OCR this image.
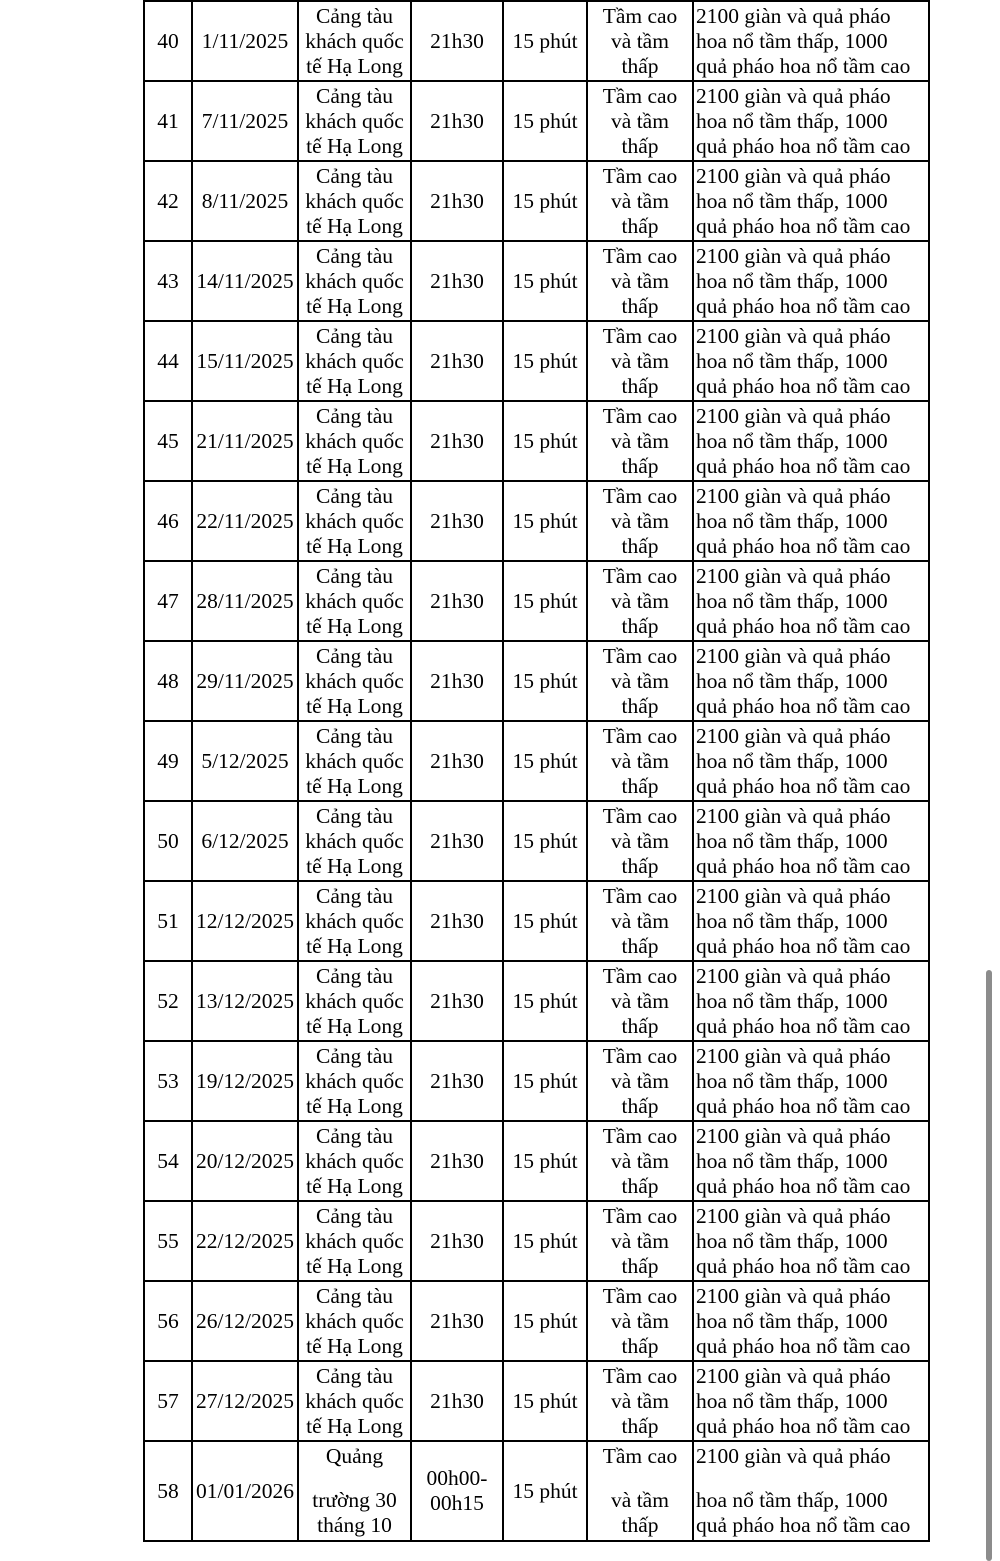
40	1/11/2025	Cảng tàu
khách quốc
tế Hạ Long	21h30	15 phút	Tầm cao
và tầm
thấp	2100 giàn và quả pháo
hoa nổ tầm thấp, 1000
quả pháo hoa nổ tầm cao

41	7/11/2025	Cảng tàu
khách quốc
tế Hạ Long	21h30	15 phút	Tầm cao
và tầm
thấp	2100 giàn và quả pháo
hoa nổ tầm thấp, 1000
quả pháo hoa nổ tầm cao

42	8/11/2025	Cảng tàu
khách quốc
tế Hạ Long	21h30	15 phút	Tầm cao
và tầm
thấp	2100 giàn và quả pháo
hoa nổ tầm thấp, 1000
quả pháo hoa nổ tầm cao

43	14/11/2025	Cảng tàu
khách quốc
tế Hạ Long	21h30	15 phút	Tầm cao
và tầm
thấp	2100 giàn và quả pháo
hoa nổ tầm thấp, 1000
quả pháo hoa nổ tầm cao

44	15/11/2025	Cảng tàu
khách quốc
tế Hạ Long	21h30	15 phút	Tầm cao
và tầm
thấp	2100 giàn và quả pháo
hoa nổ tầm thấp, 1000
quả pháo hoa nổ tầm cao

45	21/11/2025	Cảng tàu
khách quốc
tế Hạ Long	21h30	15 phút	Tầm cao
và tầm
thấp	2100 giàn và quả pháo
hoa nổ tầm thấp, 1000
quả pháo hoa nổ tầm cao

46	22/11/2025	Cảng tàu
khách quốc
tế Hạ Long	21h30	15 phút	Tầm cao
và tầm
thấp	2100 giàn và quả pháo
hoa nổ tầm thấp, 1000
quả pháo hoa nổ tầm cao

47	28/11/2025	Cảng tàu
khách quốc
tế Hạ Long	21h30	15 phút	Tầm cao
và tầm
thấp	2100 giàn và quả pháo
hoa nổ tầm thấp, 1000
quả pháo hoa nổ tầm cao

48	29/11/2025	Cảng tàu
khách quốc
tế Hạ Long	21h30	15 phút	Tầm cao
và tầm
thấp	2100 giàn và quả pháo
hoa nổ tầm thấp, 1000
quả pháo hoa nổ tầm cao

49	5/12/2025	Cảng tàu
khách quốc
tế Hạ Long	21h30	15 phút	Tầm cao
và tầm
thấp	2100 giàn và quả pháo
hoa nổ tầm thấp, 1000
quả pháo hoa nổ tầm cao

50	6/12/2025	Cảng tàu
khách quốc
tế Hạ Long	21h30	15 phút	Tầm cao
và tầm
thấp	2100 giàn và quả pháo
hoa nổ tầm thấp, 1000
quả pháo hoa nổ tầm cao

51	12/12/2025	Cảng tàu
khách quốc
tế Hạ Long	21h30	15 phút	Tầm cao
và tầm
thấp	2100 giàn và quả pháo
hoa nổ tầm thấp, 1000
quả pháo hoa nổ tầm cao

52	13/12/2025	Cảng tàu
khách quốc
tế Hạ Long	21h30	15 phút	Tầm cao
và tầm
thấp	2100 giàn và quả pháo
hoa nổ tầm thấp, 1000
quả pháo hoa nổ tầm cao

53	19/12/2025	Cảng tàu
khách quốc
tế Hạ Long	21h30	15 phút	Tầm cao
và tầm
thấp	2100 giàn và quả pháo
hoa nổ tầm thấp, 1000
quả pháo hoa nổ tầm cao

54	20/12/2025	Cảng tàu
khách quốc
tế Hạ Long	21h30	15 phút	Tầm cao
và tầm
thấp	2100 giàn và quả pháo
hoa nổ tầm thấp, 1000
quả pháo hoa nổ tầm cao

55	22/12/2025	Cảng tàu
khách quốc
tế Hạ Long	21h30	15 phút	Tầm cao
và tầm
thấp	2100 giàn và quả pháo
hoa nổ tầm thấp, 1000
quả pháo hoa nổ tầm cao

56	26/12/2025	Cảng tàu
khách quốc
tế Hạ Long	21h30	15 phút	Tầm cao
và tầm
thấp	2100 giàn và quả pháo
hoa nổ tầm thấp, 1000
quả pháo hoa nổ tầm cao

57	27/12/2025	Cảng tàu
khách quốc
tế Hạ Long	21h30	15 phút	Tầm cao
và tầm
thấp	2100 giàn và quả pháo
hoa nổ tầm thấp, 1000
quả pháo hoa nổ tầm cao

58	01/01/2026	Quảng
trường 30
tháng 10	00h00-
00h15	15 phút	Tầm cao
và tầm
thấp	2100 giàn và quả pháo
hoa nổ tầm thấp, 1000
quả pháo hoa nổ tầm cao
